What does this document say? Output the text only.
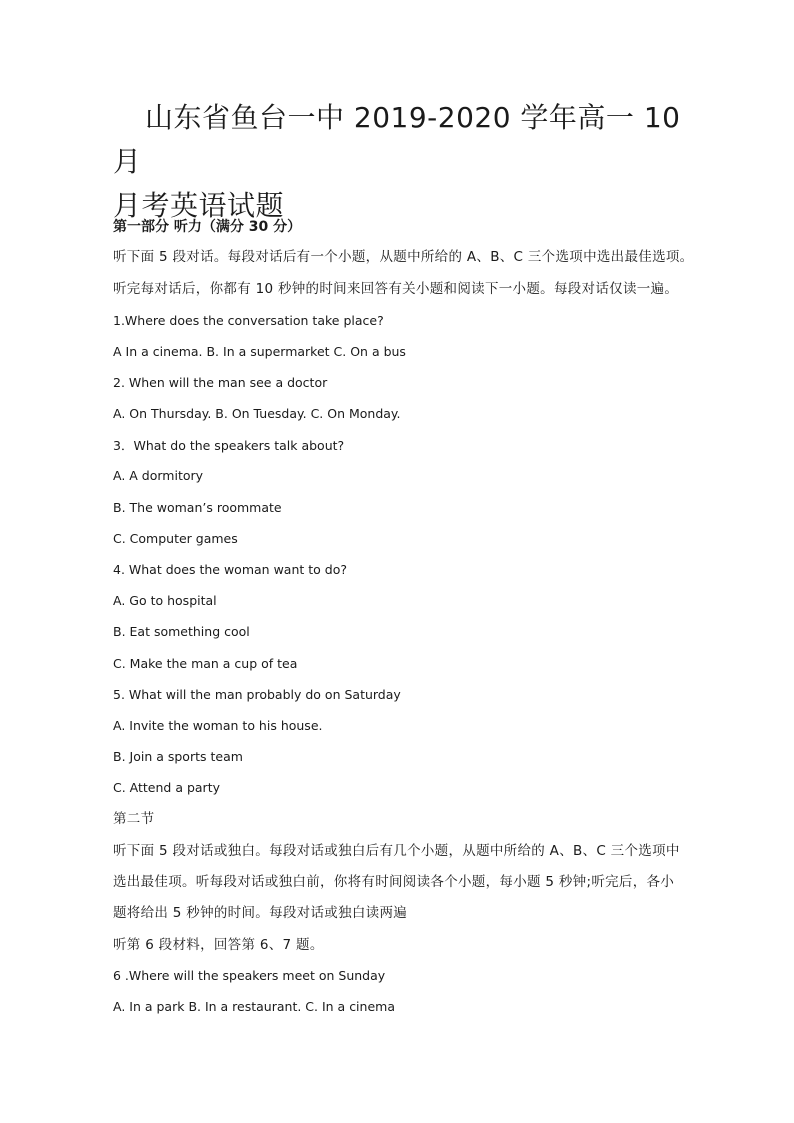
山东省鱼台一中 2019-2020 学年高一 10 月
月考英语试题
第一部分 听力（满分 30 分）
听下面 5 段对话。每段对话后有一个小题，从题中所给的 A、B、C 三个选项中选出最佳选项。
听完每对话后，你都有 10 秒钟的时间来回答有关小题和阅读下一小题。每段对话仅读一遍。
1.Where does the conversation take place?
A In a cinema. B. In a supermarket C. On a bus
2. When will the man see a doctor
A. On Thursday. B. On Tuesday. C. On Monday.
3．What do the speakers talk about?
A. A dormitory
B. The woman’s roommate
C. Computer games
4. What does the woman want to do?
A. Go to hospital
B. Eat something cool
C. Make the man a cup of tea
5. What will the man probably do on Saturday
A. Invite the woman to his house.
B. Join a sports team
C. Attend a party
第二节
听下面 5 段对话或独白。每段对话或独白后有几个小题，从题中所给的 A、B、C 三个选项中
选出最佳项。听每段对话或独白前，你将有时间阅读各个小题，每小题 5 秒钟;听完后，各小
题将给出 5 秒钟的时间。每段对话或独白读两遍
听第 6 段材料，回答第 6、7 题。
6 .Where will the speakers meet on Sunday
A. In a park B. In a restaurant. C. In a cinema
